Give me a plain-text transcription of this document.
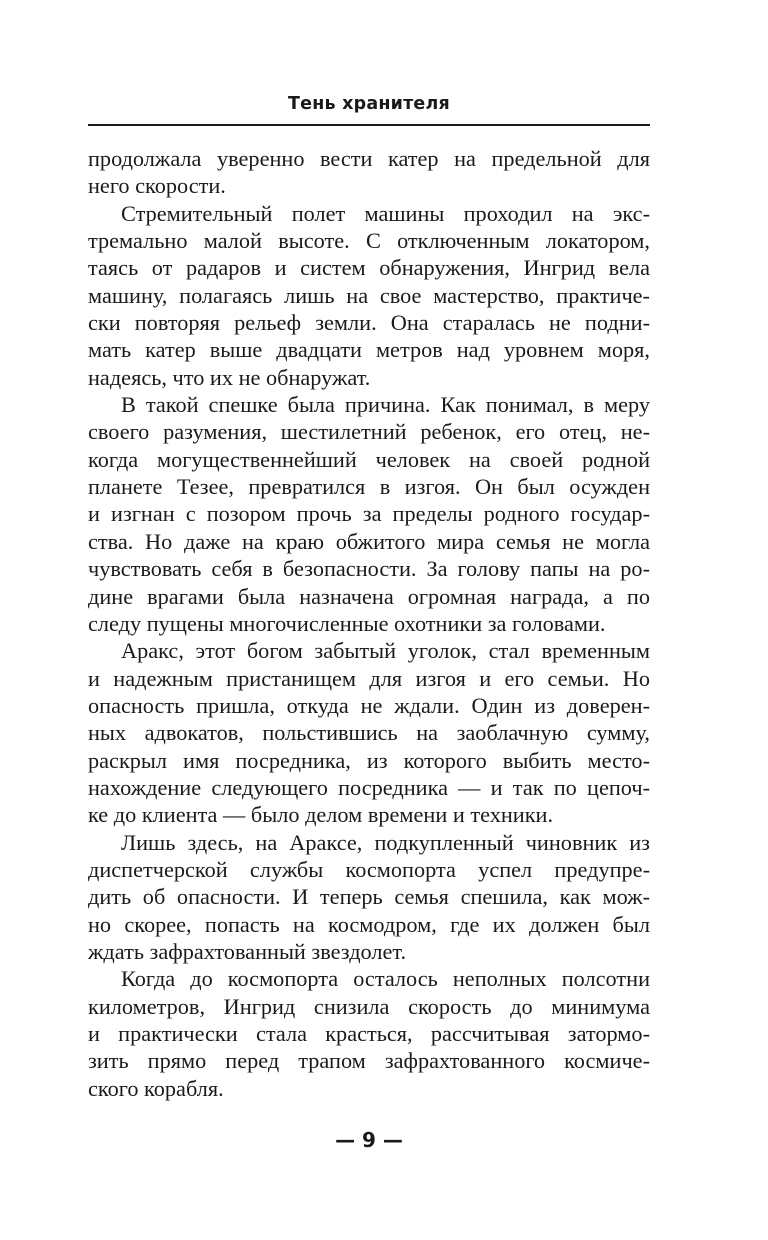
Тень хранителя

продолжала уверенно вести катер на предельной для
него скорости.

Стремительный полет машины проходил на экс-
тремально малой высоте. С отключенным локатором,
таясь от радаров и систем обнаружения, Ингрид вела
машину, полагаясь лишь на свое мастерство, практиче-
ски повторяя рельеф земли. Она старалась не подни-
мать катер выше двадцати метров над уровнем моря,
надеясь, что их не обнаружат.

В такой спешке была причина. Как понимал, в меру
своего разумения, шестилетний ребенок, его отец, не-
когда могущественнейший человек на своей родной
планете Тезее, превратился в изгоя. Он был осужден
и изгнан с позором прочь за пределы родного государ-
ства. Но даже на краю обжитого мира семья не могла
чувствовать себя в безопасности. За голову папы на ро-
дине врагами была назначена огромная награда, а по
следу пущены многочисленные охотники за головами.

Аракс, этот богом забытый уголок, стал временным
и надежным пристанищем для изгоя и его семьи. Но
опасность пришла, откуда не ждали. Один из доверен-
ных адвокатов, польстившись на заоблачную сумму,
раскрыл имя посредника, из которого выбить место-
нахождение следующего посредника — и так по цепоч-
ке до клиента — было делом времени и техники.

Лишь здесь, на Араксе, подкупленный чиновник из
диспетчерской службы космопорта успел предупре-
дить об опасности. И теперь семья спешила, как мож-
но скорее, попасть на космодром, где их должен был
ждать зафрахтованный звездолет.

Когда до космопорта осталось неполных полсотни
километров, Ингрид снизила скорость до минимума
и практически стала красться, рассчитывая затормо-
зить прямо перед трапом зафрахтованного космиче-
ского корабля.

— 9 —
